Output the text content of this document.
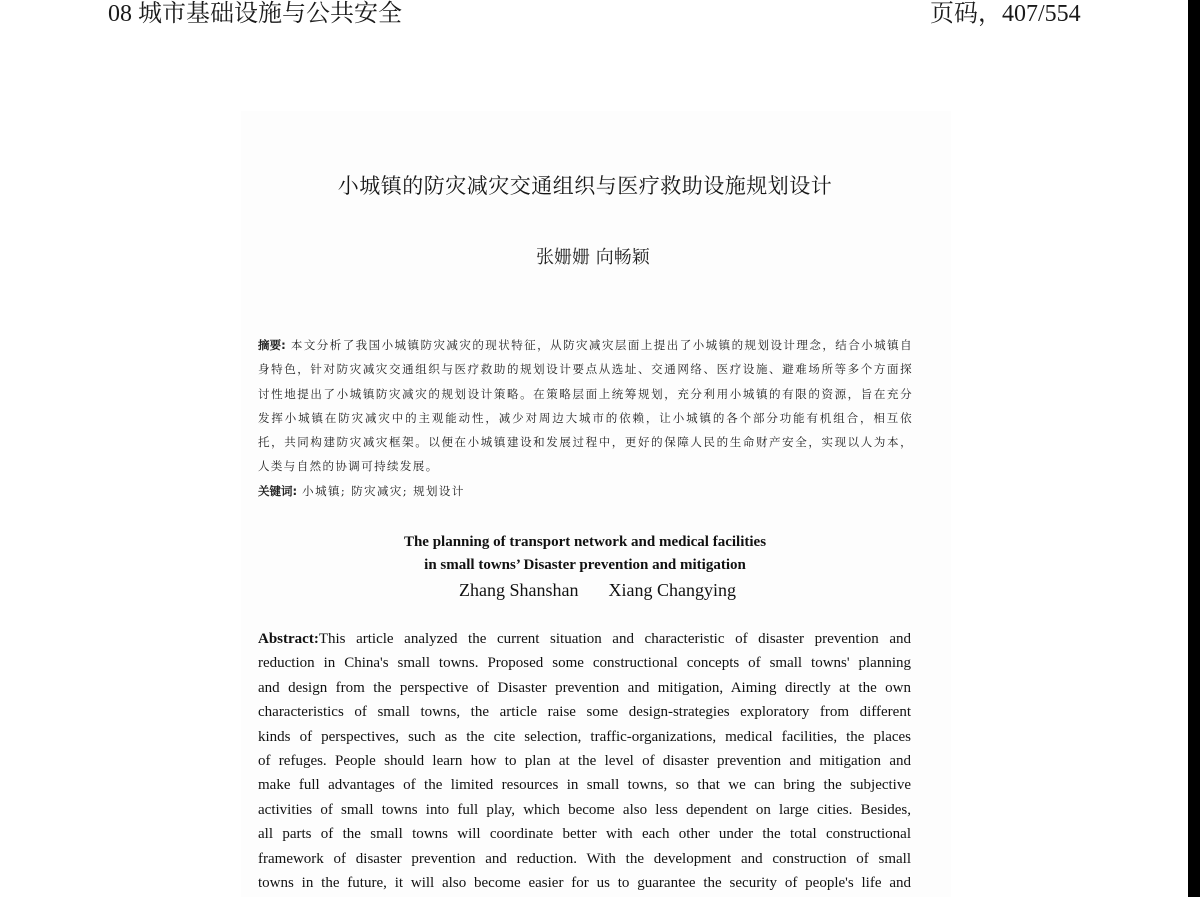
08 城市基础设施与公共安全	页码，407/554
小城镇的防灾减灾交通组织与医疗救助设施规划设计
张姗姗 向畅颖
摘要: 本文分析了我国小城镇防灾减灾的现状特征，从防灾减灾层面上提出了小城镇的规划设计理念，结合小城镇自身特色，针对防灾减灾交通组织与医疗救助的规划设计要点从选址、交通网络、医疗设施、避难场所等多个方面探讨性地提出了小城镇防灾减灾的规划设计策略。在策略层面上统筹规划，充分利用小城镇的有限的资源，旨在充分发挥小城镇在防灾减灾中的主观能动性，减少对周边大城市的依赖，让小城镇的各个部分功能有机组合，相互依托，共同构建防灾减灾框架。以便在小城镇建设和发展过程中，更好的保障人民的生命财产安全，实现以人为本，人类与自然的协调可持续发展。
关键词: 小城镇; 防灾减灾; 规划设计
The planning of transport network and medical facilities
in small towns’ Disaster prevention and mitigation
Zhang Shanshan Xiang Changying
Abstract:This article analyzed the current situation and characteristic of disaster prevention and
reduction in China's small towns. Proposed some constructional concepts of small towns' planning
and design from the perspective of Disaster prevention and mitigation, Aiming directly at the own
characteristics of small towns, the article raise some design-strategies exploratory from different
kinds of perspectives, such as the cite selection, traffic-organizations, medical facilities, the places
of refuges. People should learn how to plan at the level of disaster prevention and mitigation and
make full advantages of the limited resources in small towns, so that we can bring the subjective
activities of small towns into full play, which become also less dependent on large cities. Besides,
all parts of the small towns will coordinate better with each other under the total constructional
framework of disaster prevention and reduction. With the development and construction of small
towns in the future, it will also become easier for us to guarantee the security of people's life and
